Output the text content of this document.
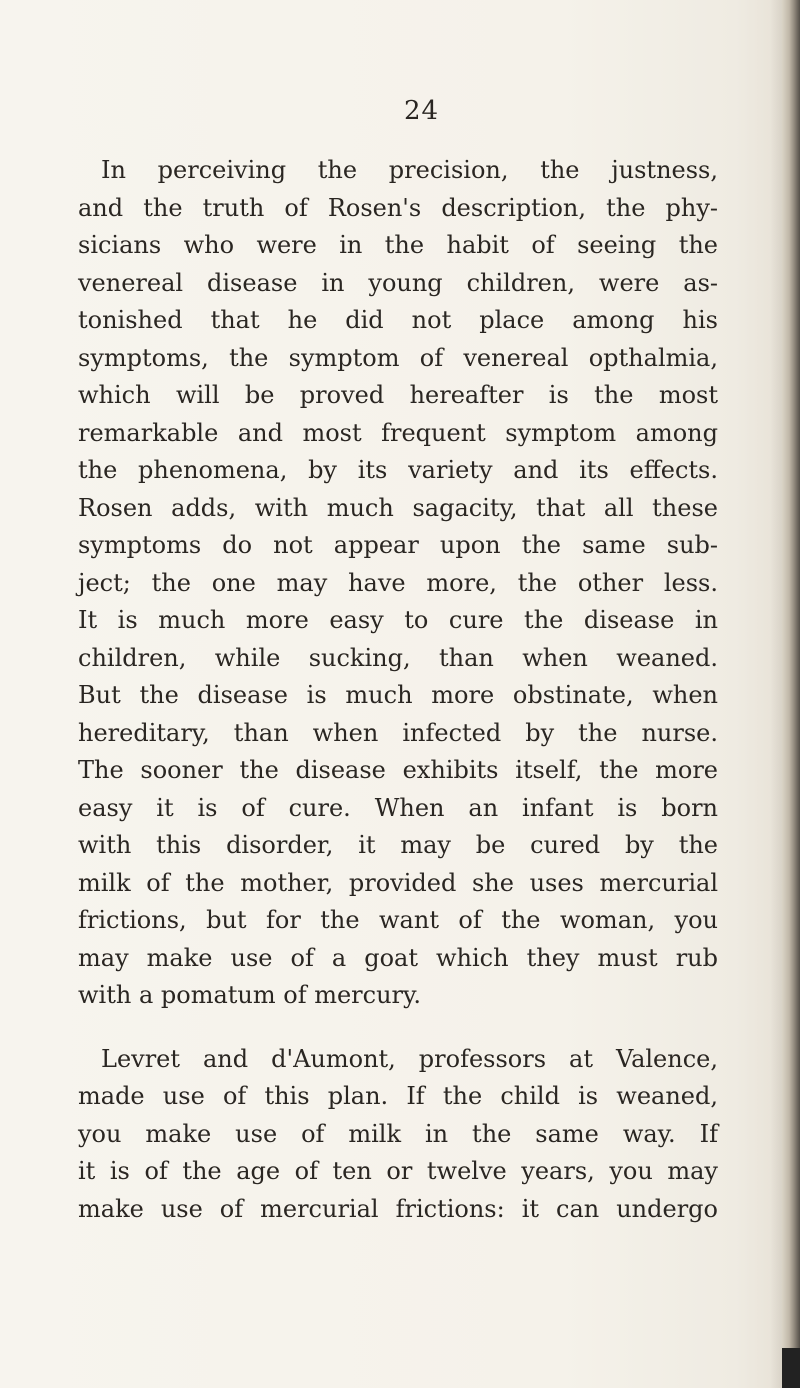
24
In perceiving the precision, the justness,
and the truth of Rosen's description, the phy-
sicians who were in the habit of seeing the
venereal disease in young children, were as-
tonished that he did not place among his
symptoms, the symptom of venereal opthalmia,
which will be proved hereafter is the most
remarkable and most frequent symptom among
the phenomena, by its variety and its effects.
Rosen adds, with much sagacity, that all these
symptoms do not appear upon the same sub-
ject; the one may have more, the other less.
It is much more easy to cure the disease in
children, while sucking, than when weaned.
But the disease is much more obstinate, when
hereditary, than when infected by the nurse.
The sooner the disease exhibits itself, the more
easy it is of cure. When an infant is born
with this disorder, it may be cured by the
milk of the mother, provided she uses mercurial
frictions, but for the want of the woman, you
may make use of a goat which they must rub
with a pomatum of mercury.
Levret and d'Aumont, professors at Valence,
made use of this plan. If the child is weaned,
you make use of milk in the same way. If
it is of the age of ten or twelve years, you may
make use of mercurial frictions: it can undergo
